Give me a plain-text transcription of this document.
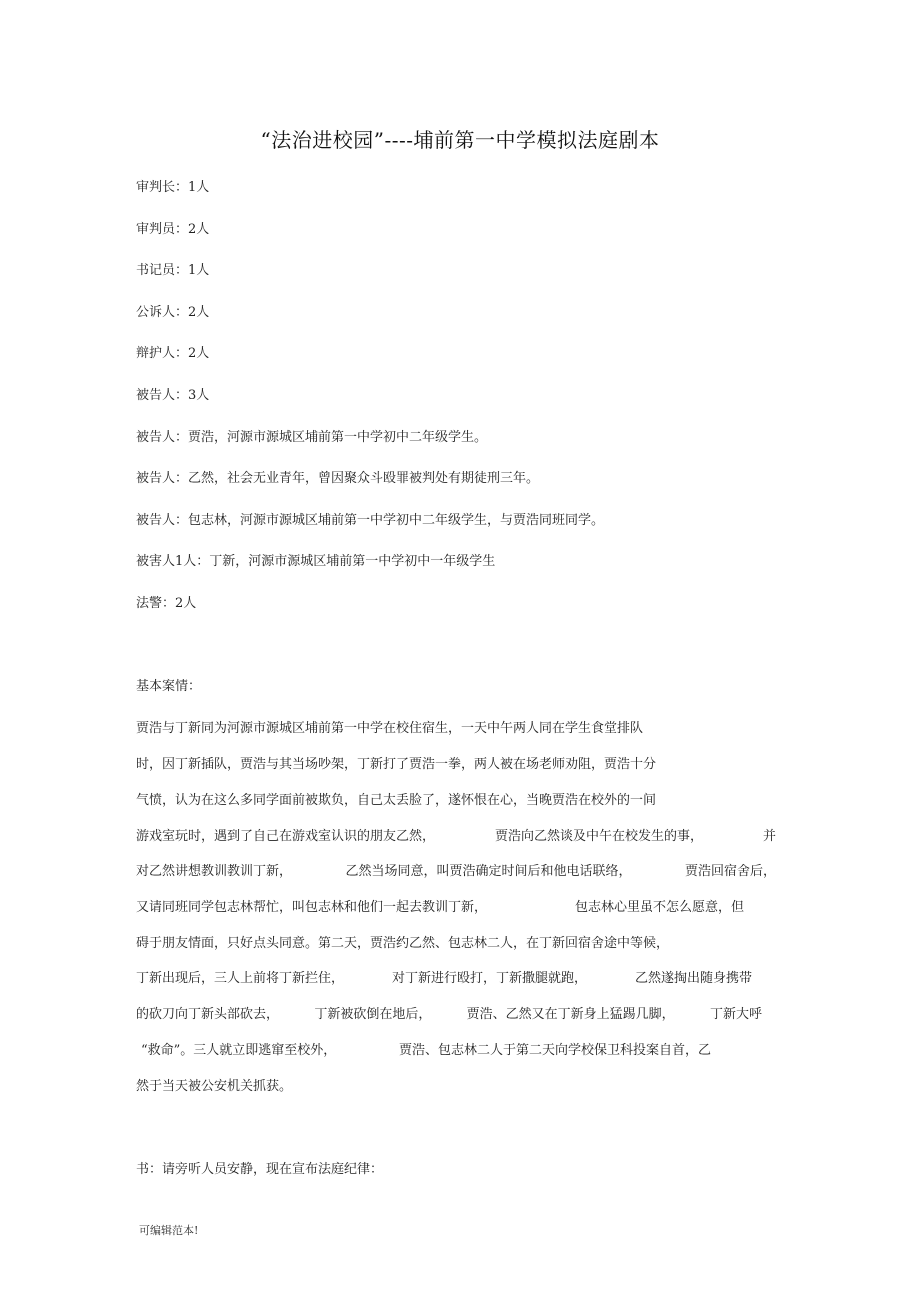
“法治进校园”----埔前第一中学模拟法庭剧本
审判长：1人
审判员：2人
书记员：1人
公诉人：2人
辩护人：2人
被告人：3人
被告人：贾浩，河源市源城区埔前第一中学初中二年级学生。
被告人：乙然，社会无业青年，曾因聚众斗殴罪被判处有期徒刑三年。
被告人：包志林，河源市源城区埔前第一中学初中二年级学生，与贾浩同班同学。
被害人1人：丁新，河源市源城区埔前第一中学初中一年级学生
法警：2人
基本案情：
贾浩与丁新同为河源市源城区埔前第一中学在校住宿生，一天中午两人同在学生食堂排队
时，因丁新插队，贾浩与其当场吵架，丁新打了贾浩一拳，两人被在场老师劝阻，贾浩十分
气愤，认为在这么多同学面前被欺负，自己太丢脸了，遂怀恨在心，当晚贾浩在校外的一间
游戏室玩时，遇到了自己在游戏室认识的朋友乙然，	贾浩向乙然谈及中午在校发生的事，	并
对乙然讲想教训教训丁新，	乙然当场同意，叫贾浩确定时间后和他电话联络，	贾浩回宿舍后，
又请同班同学包志林帮忙，叫包志林和他们一起去教训丁新，	包志林心里虽不怎么愿意，但
碍于朋友情面，只好点头同意。第二天，贾浩约乙然、包志林二人，在丁新回宿舍途中等候，
丁新出现后，三人上前将丁新拦住，	对丁新进行殴打，丁新撒腿就跑，	乙然遂掏出随身携带
的砍刀向丁新头部砍去，	丁新被砍倒在地后，	贾浩、乙然又在丁新身上猛踢几脚，	丁新大呼
“救命”。三人就立即逃窜至校外，	贾浩、包志林二人于第二天向学校保卫科投案自首，乙
然于当天被公安机关抓获。
书：请旁听人员安静，现在宣布法庭纪律：
可编辑范本!
